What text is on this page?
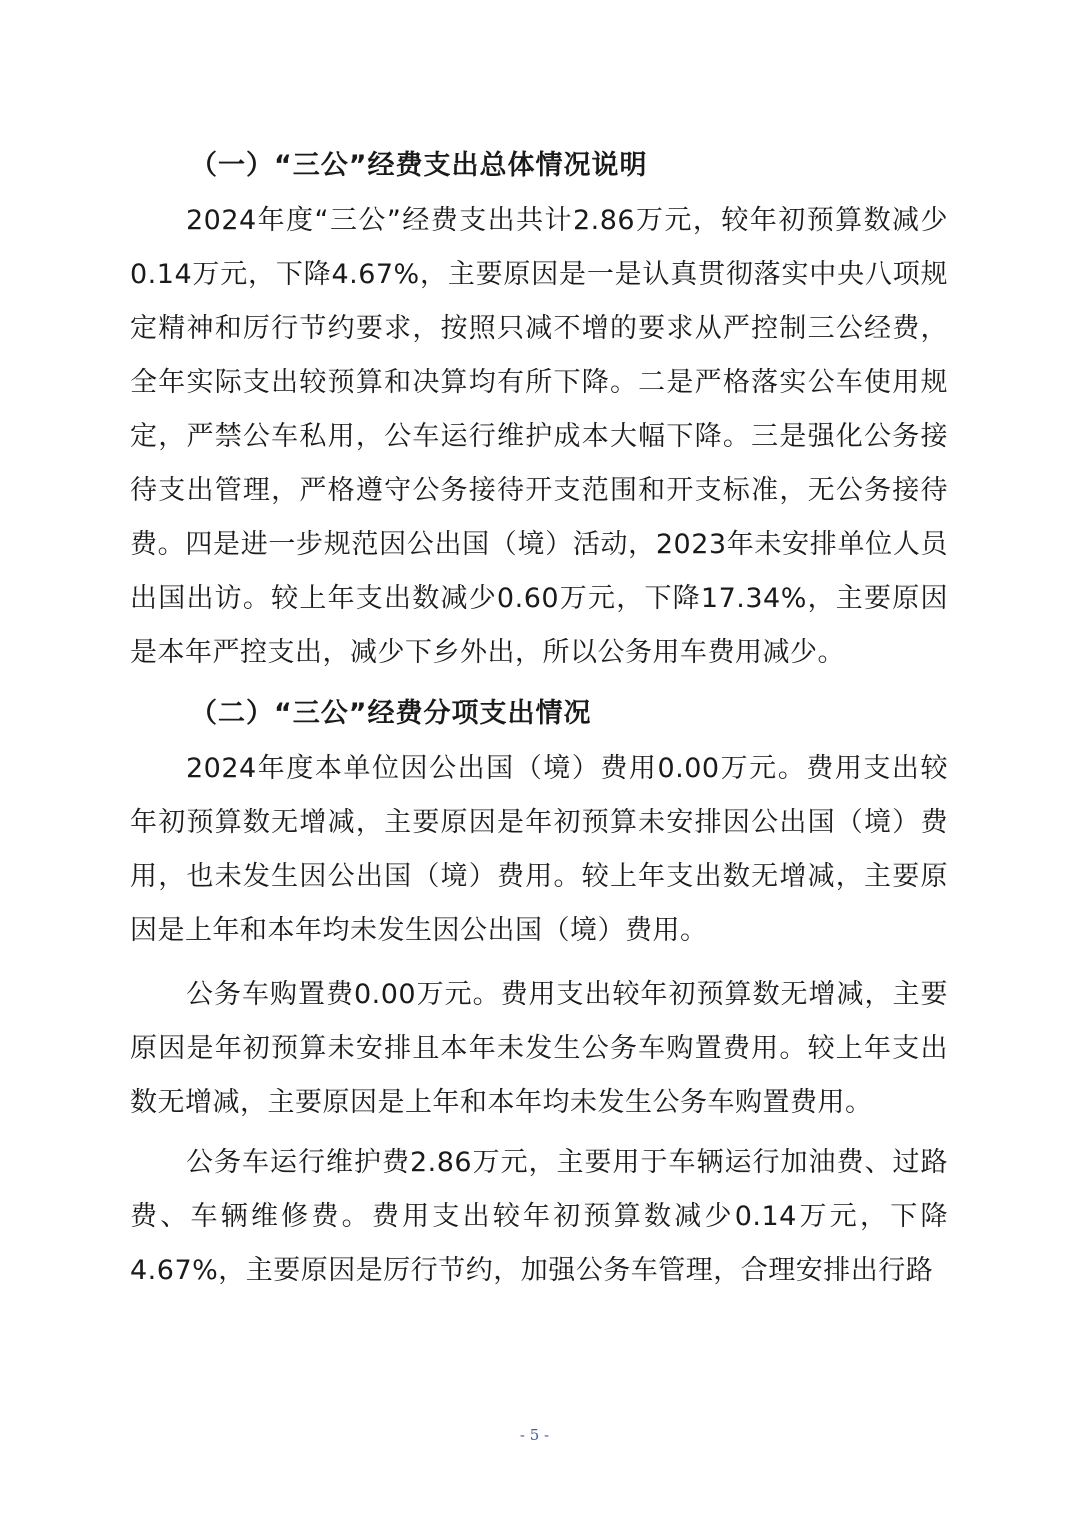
（一）“三公”经费支出总体情况说明

2024年度“三公”经费支出共计2.86万元，较年初预算数减少0.14万元，下降4.67%，主要原因是一是认真贯彻落实中央八项规定精神和厉行节约要求，按照只减不增的要求从严控制三公经费，全年实际支出较预算和决算均有所下降。二是严格落实公车使用规定，严禁公车私用，公车运行维护成本大幅下降。三是强化公务接待支出管理，严格遵守公务接待开支范围和开支标准，无公务接待费。四是进一步规范因公出国（境）活动，2023年未安排单位人员出国出访。较上年支出数减少0.60万元，下降17.34%，主要原因是本年严控支出，减少下乡外出，所以公务用车费用减少。

（二）“三公”经费分项支出情况

2024年度本单位因公出国（境）费用0.00万元。费用支出较年初预算数无增减，主要原因是年初预算未安排因公出国（境）费用，也未发生因公出国（境）费用。较上年支出数无增减，主要原因是上年和本年均未发生因公出国（境）费用。

公务车购置费0.00万元。费用支出较年初预算数无增减，主要原因是年初预算未安排且本年未发生公务车购置费用。较上年支出数无增减，主要原因是上年和本年均未发生公务车购置费用。

公务车运行维护费2.86万元，主要用于车辆运行加油费、过路费、车辆维修费。费用支出较年初预算数减少0.14万元，下降4.67%，主要原因是厉行节约，加强公务车管理，合理安排出行路

- 5 -
